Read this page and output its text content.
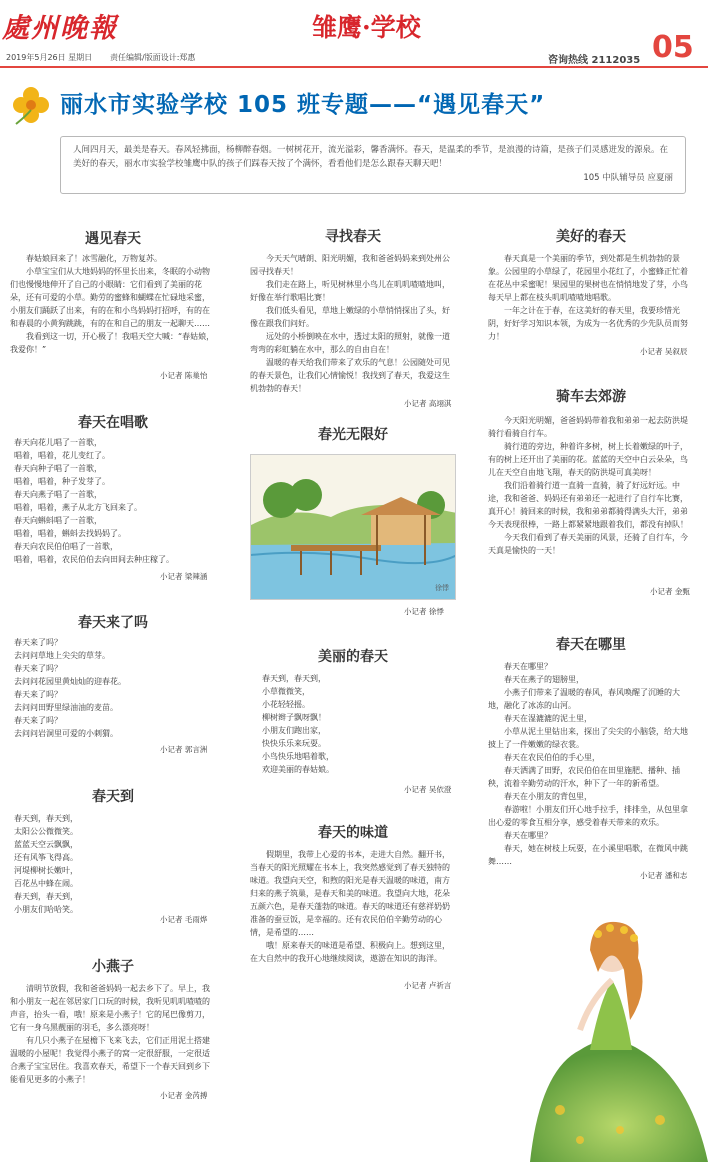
處州晚報	雏鹰·学校
05
2019年5月26日 星期日 责任编辑/版面设计:郑惠	咨询热线 2112035
丽水市实验学校 105 班专题——“遇见春天”

人间四月天，最美是春天。春风轻拂面，杨柳醉春烟。一树树花开，流光溢彩，馨香满怀。春天，是温柔的季节，是浪漫的诗篇，是孩子们灵感迸发的源泉。在美好的春天，丽水市实验学校雏鹰中队的孩子们踩春天按了个满怀，看看他们是怎么跟春天聊天吧！

105 中队辅导员 应夏丽

遇见春天

春姑娘回来了！冰雪融化，万物复苏。

小草宝宝们从大地妈妈的怀里长出来，冬眠的小动物们也慢慢地伸开了自己的小眼睛：它们看到了美丽的花朵，还有可爱的小草。勤劳的蜜蜂和蝴蝶在忙碌地采蜜，小朋友们踊跃了出来，有的在和小鸟妈妈打招呼，有的在和春晨的小黄狗跳跳，有的在和自己的朋友一起聊天……

我看到这一切，开心极了！我唱天空大喊：“春姑娘，我爱你！”

小记者 陈巢怡
春天在唱歌

春天向花儿唱了一首歌，

唱着，唱着，花儿变红了。

春天向种子唱了一首歌，

唱着，唱着，种子发芽了。

春天向燕子唱了一首歌，

唱着，唱着，燕子从北方飞回来了。

春天向蝌蚪唱了一首歌，

唱着，唱着，蝌蚪去找妈妈了。

春天向农民伯伯唱了一首歌，

唱着，唱着，农民伯伯去向田间去种庄稼了。

小记者 梁辣涵
春天来了吗

春天来了吗？

去问问草地上尖尖的草芽。

春天来了吗？

去问问花园里黄灿灿的迎春花。

春天来了吗？

去问问田野里绿油油的麦苗。

春天来了吗？

去问问岩洞里可爱的小刺猬。

小记者 郭言洲
春天到

春天到，春天到，

太阳公公微微笑。

蓝蓝天空云飘飘，

还有风筝飞得高。

河堤柳树长嫩叶，

百花丛中蜂在闹。

春天到，春天到，

小朋友们哈哈笑。

小记者 毛雨烨
小燕子

清明节放假，我和爸爸妈妈一起去乡下了。早上，我和小朋友一起在邻居家门口玩的时候，我听见叽叽喳喳的声音，抬头一看，哦！原来是小燕子！它的尾巴像剪刀，它有一身乌黑靓丽的羽毛，多么漂亮呀！

有几只小燕子在屋檐下飞来飞去，它们正用泥土搭建温暖的小屋呢！我觉得小燕子的窝一定很舒服，一定很适合燕子宝宝居住。我喜欢春天，希望下一个春天回到乡下能看见更多的小燕子！

小记者 金芮搏
寻找春天

今天天气晴朗、阳光明媚，我和爸爸妈妈来到处州公园寻找春天！

我们走在路上，听见树林里小鸟儿在叽叽喳喳地叫，好像在举行歌唱比赛！

我们低头看见，草地上嫩绿的小草悄悄探出了头，好像在跟我们问好。

远处的小桥倒映在水中，透过太阳的照射，就像一道弯弯的彩虹躺在水中，那么的自由自在！

温暖的春天给我们带来了欢乐的气息！公园随处可见的春天景色，让我们心情愉悦！我找到了春天，我爱这生机勃勃的春天！

小记者 高翊淇
春光无限好
徐悸
小记者 徐悸
美丽的春天

春天到，春天到，

小草微微笑，

小花轻轻摇。

柳树辫子飘呀飘！

小朋友们跑出家，

快快乐乐来玩耍。

小鸟快乐地唱着歌，

欢迎美丽的春姑娘。

小记者 吴依澄
春天的味道

假期里，我带上心爱的书本，走进大自然。翻开书，当春天的阳光照耀在书本上，我突然感觉到了春天独特的味道。我望向天空，和煦的阳光是春天温暖的味道，南方归来的燕子筑巢，是春天和美的味道。我望向大地，花朵五颜六色，是春天蓬勃的味道。春天的味道还有慈祥奶奶准备的蚕豆饭，是幸福的。还有农民伯伯辛勤劳动的心情，是希望的……

哦！原来春天的味道是希望、积极向上。想到这里，在大自然中的我开心地继续阅读，遨游在知识的海洋。

小记者 卢祈言
美好的春天

春天真是一个美丽的季节，到处都是生机勃勃的景象。公园里的小草绿了，花园里小花红了，小蜜蜂正忙着在花丛中采蜜呢！果园里的果树也在悄悄地发了芽，小鸟每天早上都在枝头叽叽喳喳地唱歌。

一年之计在于春，在这美好的春天里，我要珍惜光阴，好好学习知识本领，为成为一名优秀的少先队员而努力！

小记者 吴叙辰
骑车去郊游

今天阳光明媚，爸爸妈妈带着我和弟弟一起去防洪堤骑行看骑自行车。

骑行道的旁边，种着许多树，树上长着嫩绿的叶子，有的树上还开出了美丽的花。蓝蓝的天空中白云朵朵，鸟儿在天空自由地飞翔，春天的防洪堤可真美呀！

我们沿着骑行道一直骑一直骑，骑了好远好远。中途，我和爸爸、妈妈还有弟弟还一起进行了自行车比赛，真开心！骑回来的时候，我和弟弟都骑得满头大汗，弟弟今天表现很棒，一路上都紧紧地跟着我们，都没有掉队！

今天我们看到了春天美丽的风景，还骑了自行车，今天真是愉快的一天！

小记者 金甄
春天在哪里

春天在哪里？

春天在燕子的翅膀里，

小燕子们带来了温暖的春风，春风唤醒了沉睡的大地，融化了冰冻的山河。

春天在湿漉漉的泥土里，

小草从泥土里钻出来，探出了尖尖的小脑袋，给大地披上了一件嫩嫩的绿衣裳。

春天在农民伯伯的手心里，

春天洒满了田野，农民伯伯在田里施肥、播种、插秧，流着辛勤劳动的汗水，种下了一年的新希望。

春天在小朋友的背包里，

春游啦！小朋友们开心地手拉手，排排坐，从包里拿出心爱的零食互相分享，感受着春天带来的欢乐。

春天在哪里？

春天，她在树枝上玩耍，在小溪里唱歌，在微风中跳舞……

小记者 潘和志
